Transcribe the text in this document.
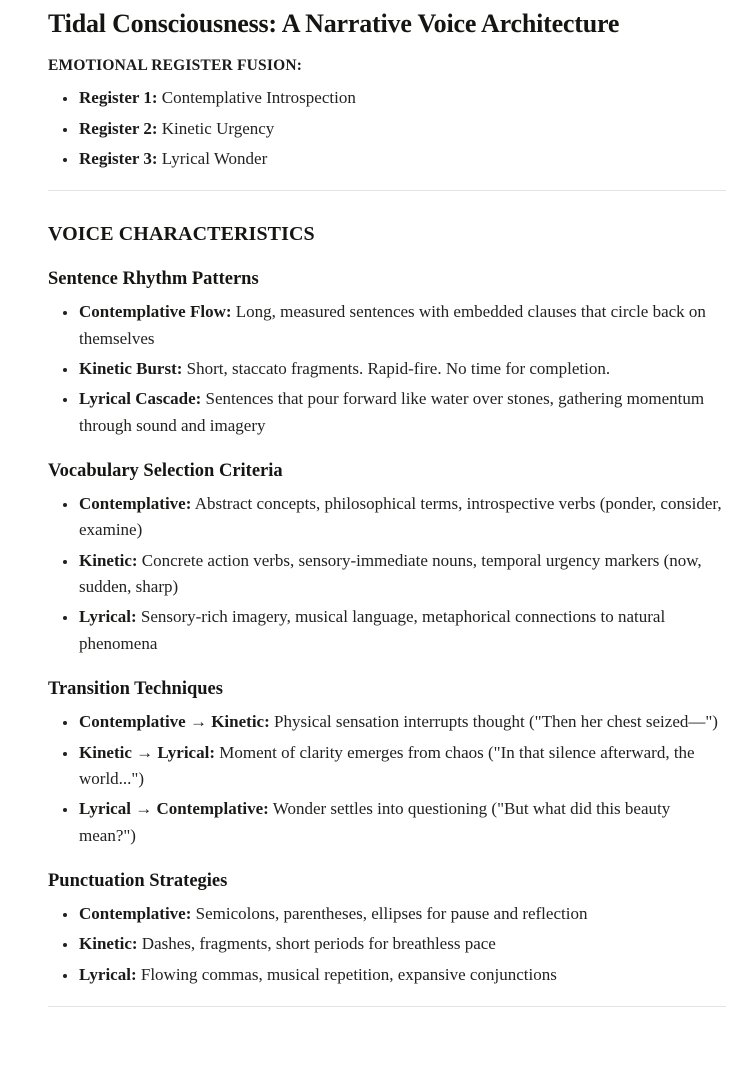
Tidal Consciousness: A Narrative Voice Architecture

EMOTIONAL REGISTER FUSION:

• Register 1: Contemplative Introspection
• Register 2: Kinetic Urgency
• Register 3: Lyrical Wonder
VOICE CHARACTERISTICS
Sentence Rhythm Patterns
• Contemplative Flow: Long, measured sentences with embedded clauses that circle back on themselves
• Kinetic Burst: Short, staccato fragments. Rapid-fire. No time for completion.
• Lyrical Cascade: Sentences that pour forward like water over stones, gathering momentum through sound and imagery
Vocabulary Selection Criteria
• Contemplative: Abstract concepts, philosophical terms, introspective verbs (ponder, consider, examine)
• Kinetic: Concrete action verbs, sensory-immediate nouns, temporal urgency markers (now, sudden, sharp)
• Lyrical: Sensory-rich imagery, musical language, metaphorical connections to natural phenomena
Transition Techniques
• Contemplative → Kinetic: Physical sensation interrupts thought ("Then her chest seized—")
• Kinetic → Lyrical: Moment of clarity emerges from chaos ("In that silence afterward, the world...")
• Lyrical → Contemplative: Wonder settles into questioning ("But what did this beauty mean?")
Punctuation Strategies
• Contemplative: Semicolons, parentheses, ellipses for pause and reflection
• Kinetic: Dashes, fragments, short periods for breathless pace
• Lyrical: Flowing commas, musical repetition, expansive conjunctions
